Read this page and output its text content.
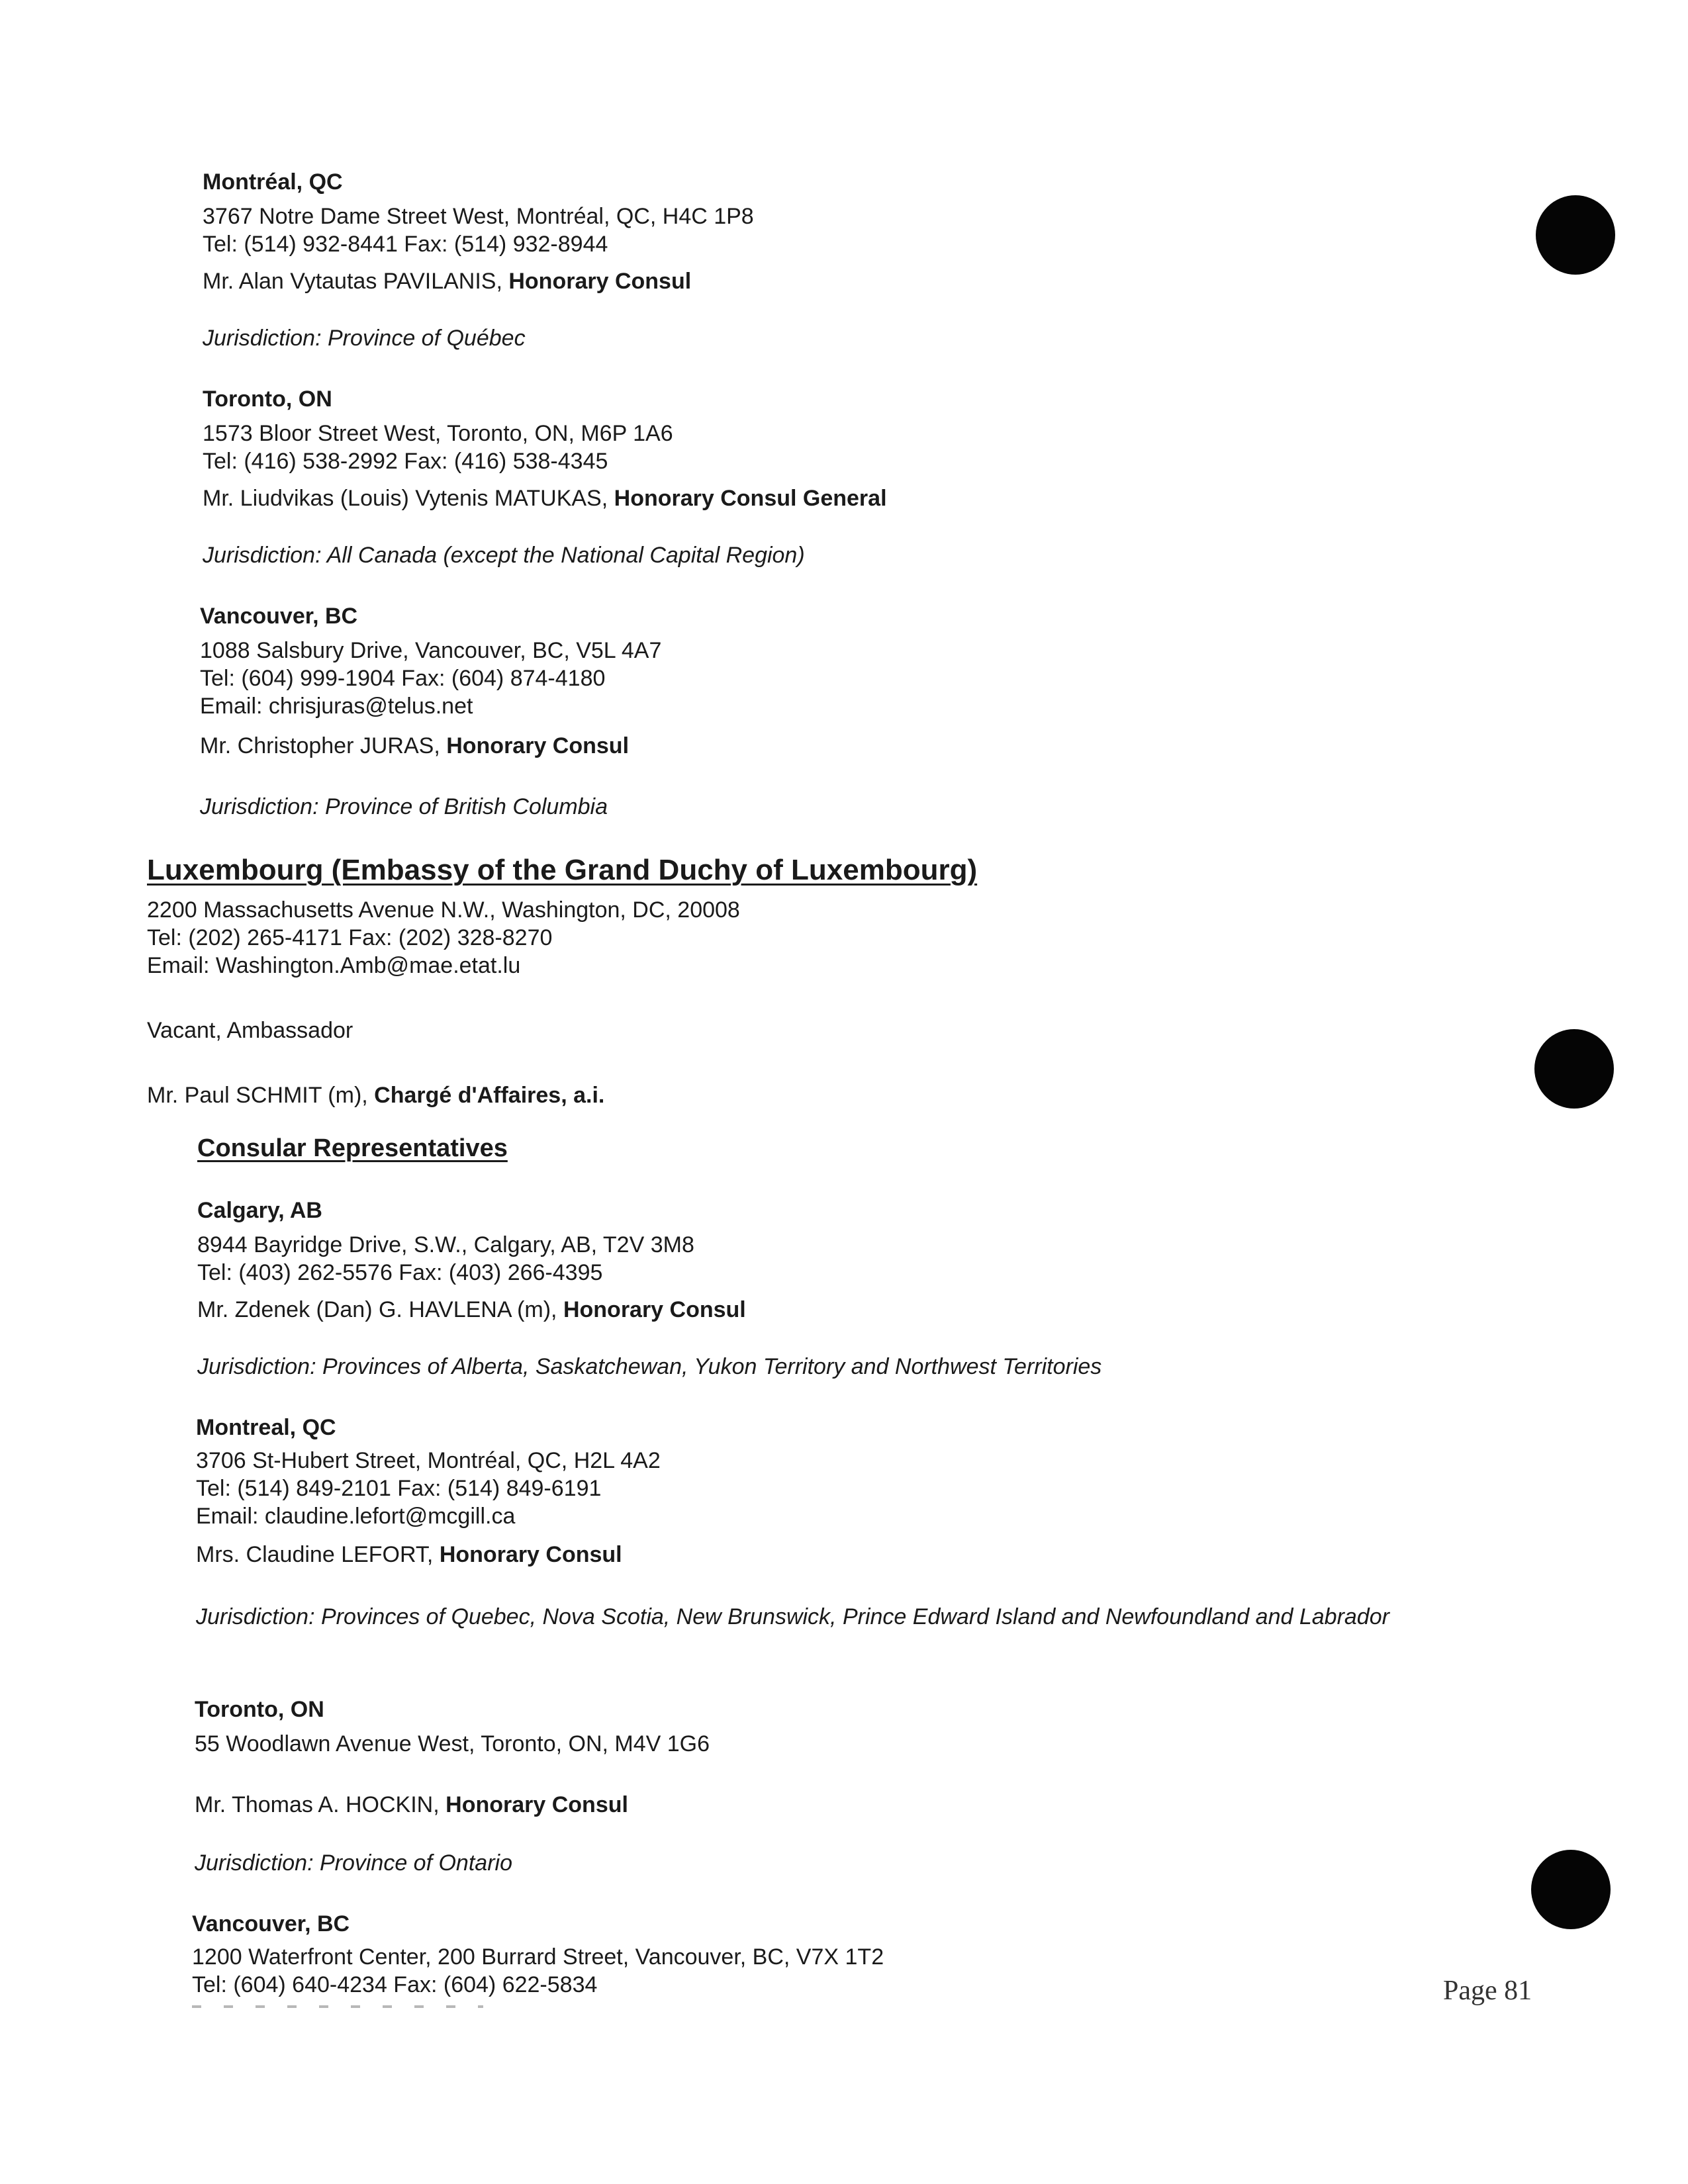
Montréal, QC
3767 Notre Dame Street West, Montréal, QC, H4C 1P8
Tel: (514) 932-8441 Fax: (514) 932-8944
Mr. Alan Vytautas PAVILANIS, Honorary Consul
Jurisdiction: Province of Québec
Toronto, ON
1573 Bloor Street West, Toronto, ON, M6P 1A6
Tel: (416) 538-2992 Fax: (416) 538-4345
Mr. Liudvikas (Louis) Vytenis MATUKAS, Honorary Consul General
Jurisdiction: All Canada (except the National Capital Region)
Vancouver, BC
1088 Salsbury Drive, Vancouver, BC, V5L 4A7
Tel: (604) 999-1904 Fax: (604) 874-4180
Email: chrisjuras@telus.net
Mr. Christopher JURAS, Honorary Consul
Jurisdiction: Province of British Columbia
Luxembourg (Embassy of the Grand Duchy of Luxembourg)
2200 Massachusetts Avenue N.W., Washington, DC, 20008
Tel: (202) 265-4171 Fax: (202) 328-8270
Email: Washington.Amb@mae.etat.lu
Vacant, Ambassador
Mr. Paul SCHMIT (m), Chargé d'Affaires, a.i.
Consular Representatives
Calgary, AB
8944 Bayridge Drive, S.W., Calgary, AB, T2V 3M8
Tel: (403) 262-5576 Fax: (403) 266-4395
Mr. Zdenek (Dan) G. HAVLENA (m), Honorary Consul
Jurisdiction: Provinces of Alberta, Saskatchewan, Yukon Territory and Northwest Territories
Montreal, QC
3706 St-Hubert Street, Montréal, QC, H2L 4A2
Tel: (514) 849-2101 Fax: (514) 849-6191
Email: claudine.lefort@mcgill.ca
Mrs. Claudine LEFORT, Honorary Consul
Jurisdiction: Provinces of Quebec, Nova Scotia, New Brunswick, Prince Edward Island and Newfoundland and Labrador
Toronto, ON
55 Woodlawn Avenue West, Toronto, ON, M4V 1G6
Mr. Thomas A. HOCKIN, Honorary Consul
Jurisdiction: Province of Ontario
Vancouver, BC
1200 Waterfront Center, 200 Burrard Street, Vancouver, BC, V7X 1T2
Tel: (604) 640-4234 Fax: (604) 622-5834	Page 81
